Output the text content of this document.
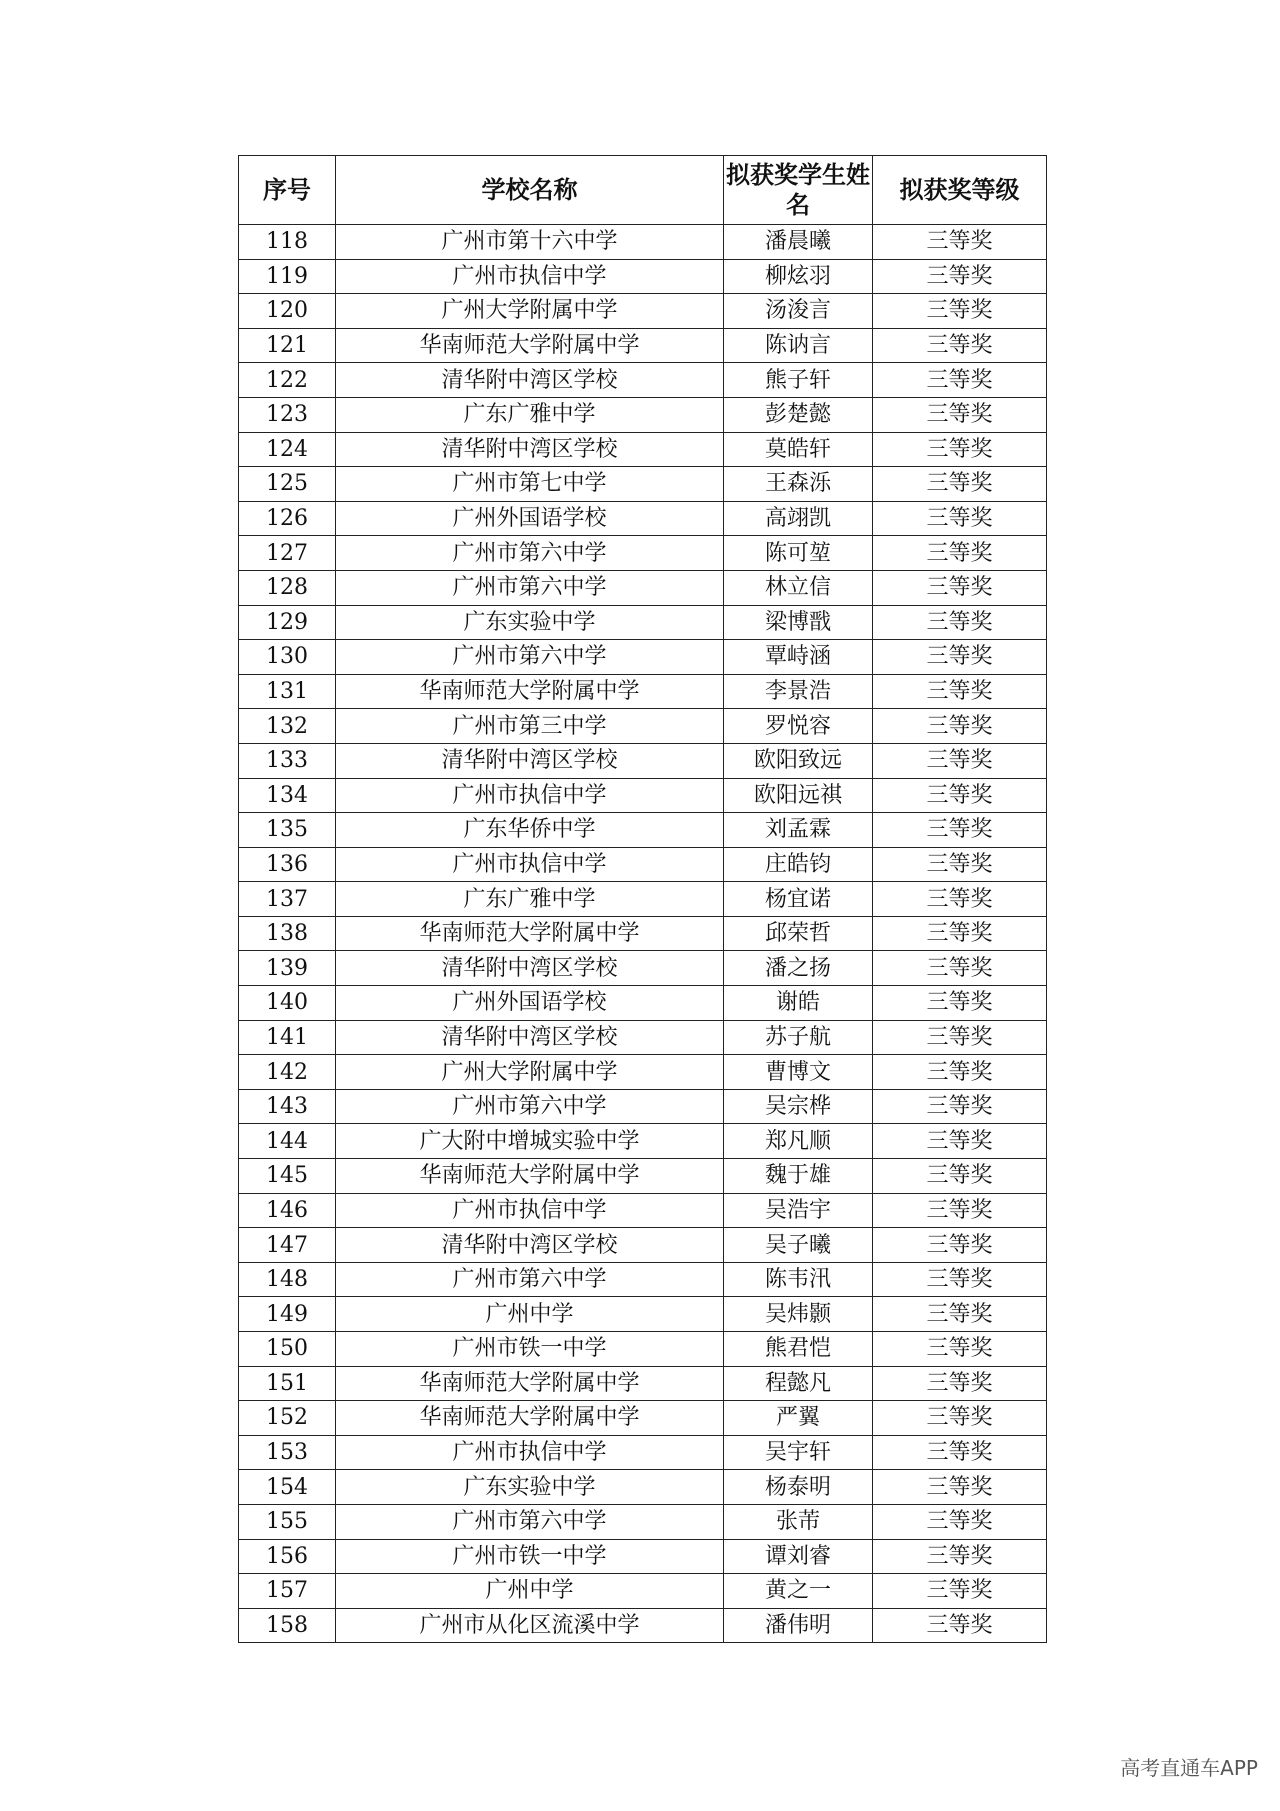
序号	学校名称	拟获奖学生姓名	拟获奖等级
118	广州市第十六中学	潘晨曦	三等奖
119	广州市执信中学	柳炫羽	三等奖
120	广州大学附属中学	汤浚言	三等奖
121	华南师范大学附属中学	陈讷言	三等奖
122	清华附中湾区学校	熊子轩	三等奖
123	广东广雅中学	彭楚懿	三等奖
124	清华附中湾区学校	莫皓轩	三等奖
125	广州市第七中学	王森泺	三等奖
126	广州外国语学校	高翊凯	三等奖
127	广州市第六中学	陈可堃	三等奖
128	广州市第六中学	林立信	三等奖
129	广东实验中学	梁博戬	三等奖
130	广州市第六中学	覃峙涵	三等奖
131	华南师范大学附属中学	李景浩	三等奖
132	广州市第三中学	罗悦容	三等奖
133	清华附中湾区学校	欧阳致远	三等奖
134	广州市执信中学	欧阳远祺	三等奖
135	广东华侨中学	刘孟霖	三等奖
136	广州市执信中学	庄皓钧	三等奖
137	广东广雅中学	杨宜诺	三等奖
138	华南师范大学附属中学	邱荣哲	三等奖
139	清华附中湾区学校	潘之扬	三等奖
140	广州外国语学校	谢皓	三等奖
141	清华附中湾区学校	苏子航	三等奖
142	广州大学附属中学	曹博文	三等奖
143	广州市第六中学	吴宗桦	三等奖
144	广大附中增城实验中学	郑凡顺	三等奖
145	华南师范大学附属中学	魏于雄	三等奖
146	广州市执信中学	吴浩宇	三等奖
147	清华附中湾区学校	吴子曦	三等奖
148	广州市第六中学	陈韦汛	三等奖
149	广州中学	吴炜颢	三等奖
150	广州市铁一中学	熊君恺	三等奖
151	华南师范大学附属中学	程懿凡	三等奖
152	华南师范大学附属中学	严翼	三等奖
153	广州市执信中学	吴宇轩	三等奖
154	广东实验中学	杨泰明	三等奖
155	广州市第六中学	张芾	三等奖
156	广州市铁一中学	谭刘睿	三等奖
157	广州中学	黄之一	三等奖
158	广州市从化区流溪中学	潘伟明	三等奖
高考直通车APP
